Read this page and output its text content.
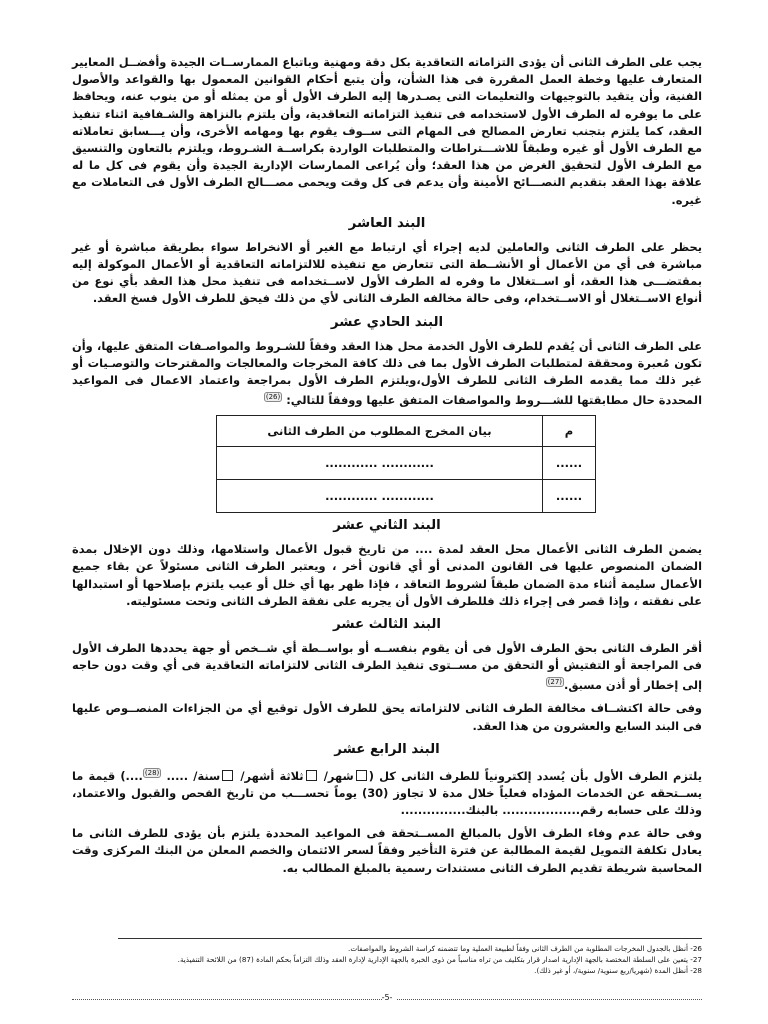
يجب على الطرف الثانى أن يؤدى التزاماته التعاقدية بكل دقة ومهنية وباتباع الممارســات الجيدة وأفضــل المعايير المتعارف عليها وخطة العمل المقررة فى هذا الشأن، وأن يتبع أحكام القوانين المعمول بها والقواعد والأصول الفنية، وأن يتقيد بالتوجيهات والتعليمات التى يصـدرها إليه الطرف الأول أو من يمثله أو من ينوب عنه، ويحافظ على ما يوفره له الطرف الأول لاستخدامه فى تنفيذ التزاماته التعاقدية، وأن يلتزم بالنزاهة والشـفافية اثناء تنفيذ العقد، كما يلتزم بتجنب تعارض المصالح فى المهام التى ســوف يقوم بها ومهامه الأخرى، وأن يـــسابق تعاملاته مع الطرف الأول أو غيره وطبقاً للاشـــتراطات والمتطلبات الواردة بكراســة الشـروط، ويلتزم بالتعاون والتنسيق مع الطرف الأول لتحقيق الغرض من هذا العقد؛ وأن يُراعى الممارسات الإدارية الجيدة وأن يقوم فى كل ما له علاقة بهذا العقد بتقديم النصـــائح الأمينة وأن يدعم فى كل وقت ويحمى مصـــالح الطرف الأول فى التعاملات مع غيره.

البند العاشر

يحظر على الطرف الثانى والعاملين لديه إجراء أي ارتباط مع الغير أو الانخراط سواء بطريقة مباشرة أو غير مباشرة فى أي من الأعمال أو الأنشــطة التى تتعارض مع تنفيذه للالتزاماته التعاقدية أو الأعمال الموكولة إليه بمقتضـــى هذا العقد، أو اســتغلال ما وفره له الطرف الأول لاســتخدامه فى تنفيذ محل هذا العقد بأي نوع من أنواع الاســتغلال أو الاســتخدام، وفى حالة مخالفه الطرف الثانى لأي من ذلك فيحق للطرف الأول فسخ العقد.

البند الحادي عشر

على الطرف الثانى أن يُقدم للطرف الأول الخدمة محل هذا العقد وفقاً للشـروط والمواصـفات المتفق عليها، وأن تكون مُعبرة ومحققة لمتطلبات الطرف الأول بما فى ذلك كافة المخرجات والمعالجات والمقترحات والتوصـيات أو غير ذلك مما يقدمه الطرف الثانى للطرف الأول،ويلتزم الطرف الأول بمراجعة واعتماد الاعمال فى المواعيد المحددة حال مطابقتها للشـــروط والمواصفات المتفق عليها ووفقاً للتالي: $^{(26)}$

م	بيان المخرج المطلوب من الطرف الثانى
......	............ ............
......	............ ............
البند الثاني عشر

يضمن الطرف الثانى الأعمال محل العقد لمدة .... من تاريخ قبول الأعمال واستلامها، وذلك دون الإخلال بمدة الضمان المنصوص عليها فى القانون المدنى أو أي قانون أخر ، ويعتبر الطرف الثانى مسئولاً عن بقاء جميع الأعمال سليمة أثناء مدة الضمان طبقاً لشروط التعاقد ، فإذا ظهر بها أي خلل أو عيب يلتزم بإصلاحها أو استبدالها على نفقته ، وإذا قصر فى إجراء ذلك فللطرف الأول أن يجريه على نفقة الطرف الثانى وتحت مسئوليته.

البند الثالث عشر

أقر الطرف الثانى بحق الطرف الأول فى أن يقوم بنفســه أو بواســطة أي شــخص أو جهة يحددها الطرف الأول فى المراجعة أو التفتيش أو التحقق من مســتوى تنفيذ الطرف الثانى لالتزاماته التعاقدية فى أي وقت دون حاجه إلى إخطار أو أذن مسبق.$^{(27)}$

وفى حالة اكتشــاف مخالفة الطرف الثانى لالتزاماته يحق للطرف الأول توقيع أي من الجزاءات المنصــوص عليها فى البند السابع والعشرون من هذا العقد.

البند الرابع عشر

يلتزم الطرف الأول بأن يُسدد إلكترونياً للطرف الثانى كل (شهر/ ثلاثة أشهر/ سنة/ ..... $^{(28)}$....) قيمة ما يســتحقه عن الخدمات المؤداه فعلياً خلال مدة لا تجاوز (30) يوماً تحســـب من تاريخ الفحص والقبول والاعتماد، وذلك على حسابه رقم.................. بالبنك...............

وفى حالة عدم وفاء الطرف الأول بالمبالغ المســتحقة فى المواعيد المحددة يلتزم بأن يؤدى للطرف الثانى ما يعادل تكلفة التمويل لقيمة المطالبة عن فترة التأخير وفقاً لسعر الائتمان والخصم المعلن من البنك المركزى وقت المحاسبة شريطة تقديم الطرف الثانى مستندات رسمية بالمبلغ المطالب به.

26- أنظل بالجدول المخرجات المطلوبة من الطرف الثانى وفقاً لطبيعة العملية وما تتضمنه كراسة الشروط والمواصفات.

27- يتعين على السلطة المختصة بالجهة الإدارية اصدار قرار بتكليف من تراه مناسباً من ذوى الخبرة بالجهة الإدارية لإدارة العقد وذلك التزاماً بحكم المادة (87) من اللائحة التنفيذية.

28- أنظل المدة (شهريا/ربع سنوية/ سنوية/، أو غير ذلك).

-5-
